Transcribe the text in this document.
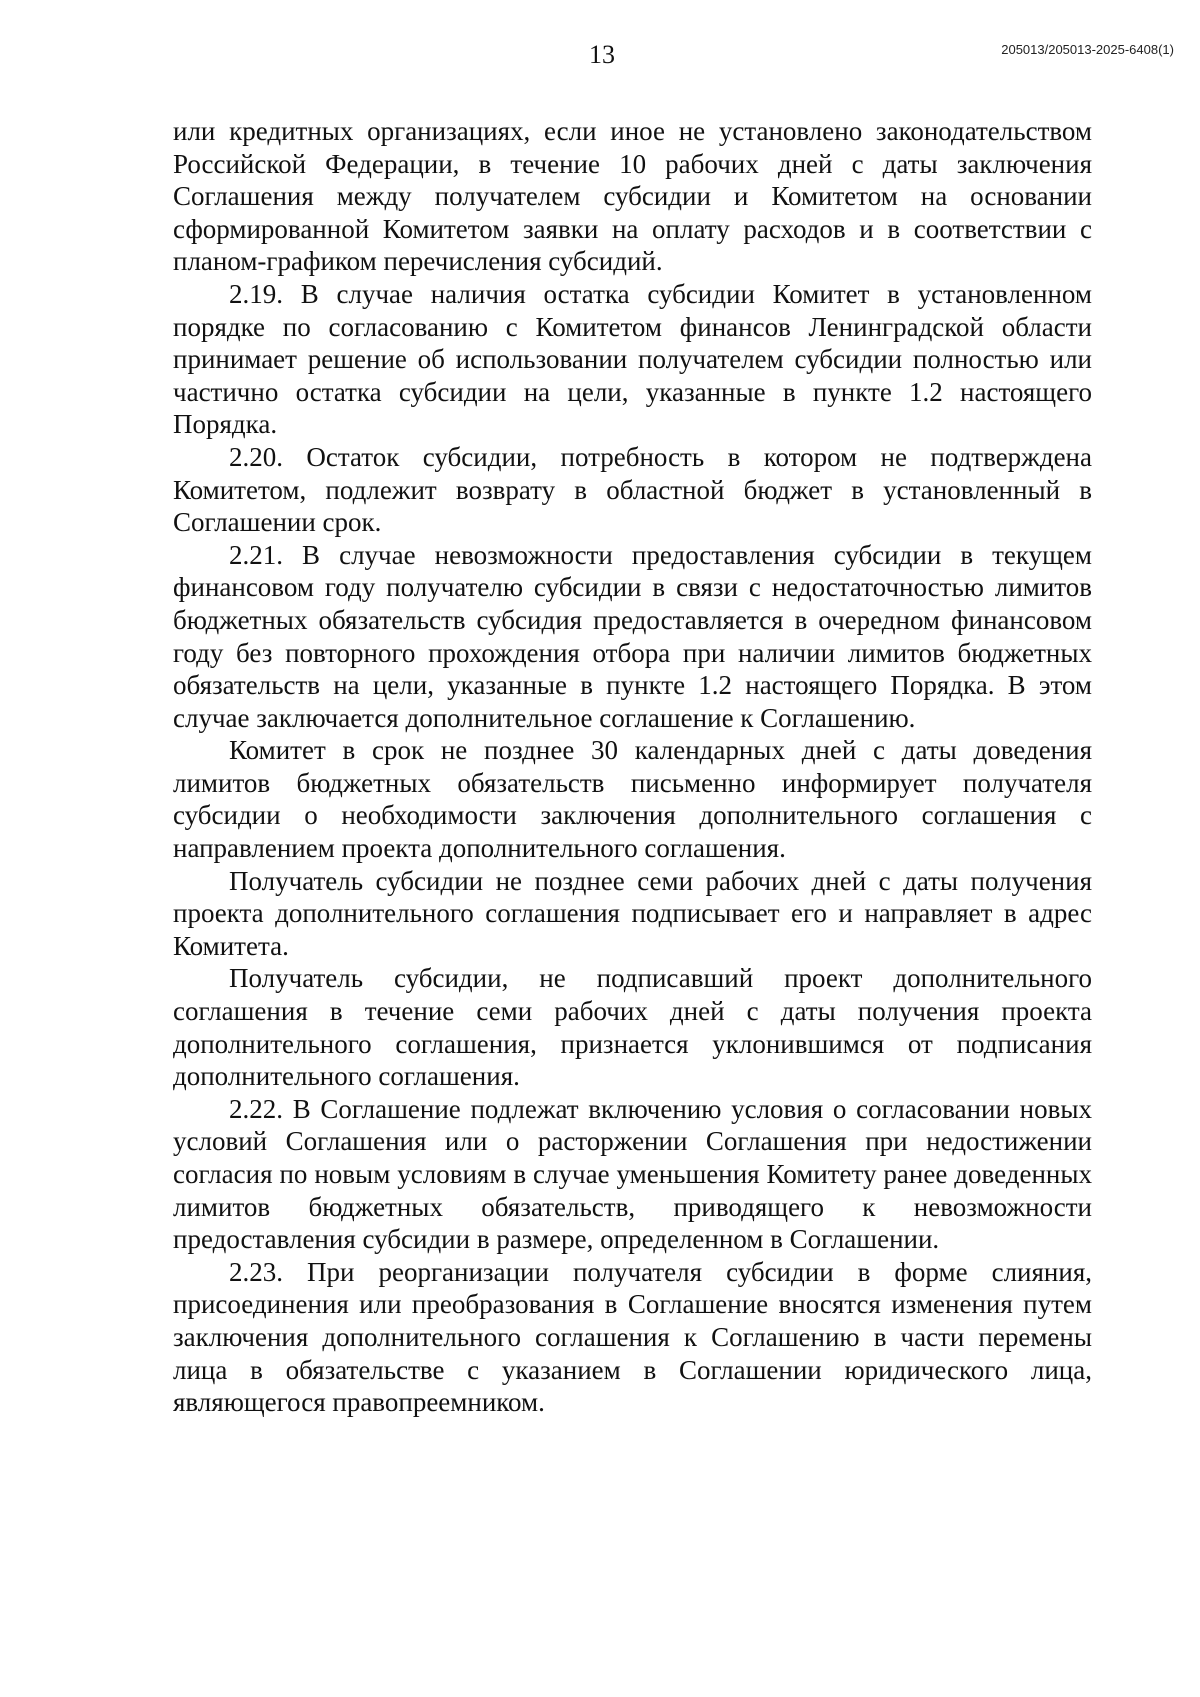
13	205013/205013-2025-6408(1)

или кредитных организациях, если иное не установлено законодательством Российской Федерации, в течение 10 рабочих дней с даты заключения Соглашения между получателем субсидии и Комитетом на основании сформированной Комитетом заявки на оплату расходов и в соответствии с планом-графиком перечисления субсидий.

2.19. В случае наличия остатка субсидии Комитет в установленном порядке по согласованию с Комитетом финансов Ленинградской области принимает решение об использовании получателем субсидии полностью или частично остатка субсидии на цели, указанные в пункте 1.2 настоящего Порядка.

2.20. Остаток субсидии, потребность в котором не подтверждена Комитетом, подлежит возврату в областной бюджет в установленный в Соглашении срок.

2.21. В случае невозможности предоставления субсидии в текущем финансовом году получателю субсидии в связи с недостаточностью лимитов бюджетных обязательств субсидия предоставляется в очередном финансовом году без повторного прохождения отбора при наличии лимитов бюджетных обязательств на цели, указанные в пункте 1.2 настоящего Порядка. В этом случае заключается дополнительное соглашение к Соглашению.

Комитет в срок не позднее 30 календарных дней с даты доведения лимитов бюджетных обязательств письменно информирует получателя субсидии о необходимости заключения дополнительного соглашения с направлением проекта дополнительного соглашения.

Получатель субсидии не позднее семи рабочих дней с даты получения проекта дополнительного соглашения подписывает его и направляет в адрес Комитета.

Получатель субсидии, не подписавший проект дополнительного соглашения в течение семи рабочих дней с даты получения проекта дополнительного соглашения, признается уклонившимся от подписания дополнительного соглашения.

2.22. В Соглашение подлежат включению условия о согласовании новых условий Соглашения или о расторжении Соглашения при недостижении согласия по новым условиям в случае уменьшения Комитету ранее доведенных лимитов бюджетных обязательств, приводящего к невозможности предоставления субсидии в размере, определенном в Соглашении.

2.23. При реорганизации получателя субсидии в форме слияния, присоединения или преобразования в Соглашение вносятся изменения путем заключения дополнительного соглашения к Соглашению в части перемены лица в обязательстве с указанием в Соглашении юридического лица, являющегося правопреемником.
